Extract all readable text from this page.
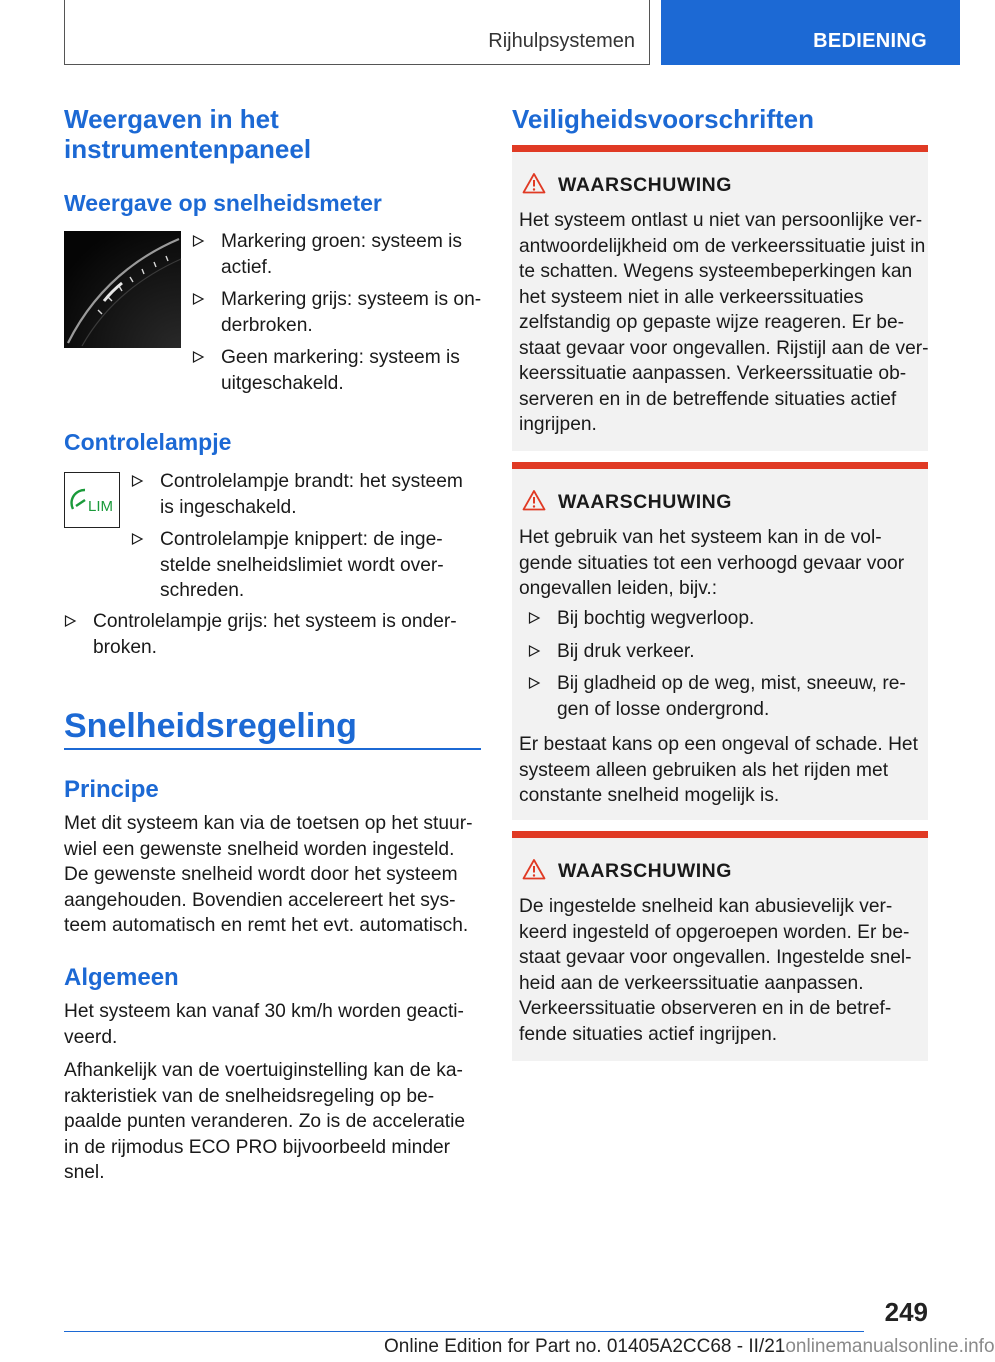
Rijhulpsystemen	BEDIENING
Weergaven in het instrumentenpaneel
Weergave op snelheidsmeter
Markering groen: systeem is actief.
Markering grijs: systeem is onderbroken.
Geen markering: systeem is uitgeschakeld.
Controlelampje
LIM
Controlelampje brandt: het systeem is ingeschakeld.
Controlelampje knippert: de ingestelde snelheidslimiet wordt overschreden.
Controlelampje grijs: het systeem is onderbroken.
Snelheidsregeling
Principe

Met dit systeem kan via de toetsen op het stuurwiel een gewenste snelheid worden ingesteld. De gewenste snelheid wordt door het systeem aangehouden. Bovendien accelereert het systeem automatisch en remt het evt. automatisch.

Algemeen

Het systeem kan vanaf 30 km/h worden geactiveerd.

Afhankelijk van de voertuiginstelling kan de karakteristiek van de snelheidsregeling op bepaalde punten veranderen. Zo is de acceleratie in de rijmodus ECO PRO bijvoorbeeld minder snel.

Veiligheidsvoorschriften
WAARSCHUWING

Het systeem ontlast u niet van persoonlijke verantwoordelijkheid om de verkeerssituatie juist in te schatten. Wegens systeembeperkingen kan het systeem niet in alle verkeerssituaties zelfstandig op gepaste wijze reageren. Er bestaat gevaar voor ongevallen. Rijstijl aan de verkeerssituatie aanpassen. Verkeerssituatie observeren en in de betreffende situaties actief ingrijpen.

WAARSCHUWING

Het gebruik van het systeem kan in de volgende situaties tot een verhoogd gevaar voor ongevallen leiden, bijv.:

Bij bochtig wegverloop.
Bij druk verkeer.
Bij gladheid op de weg, mist, sneeuw, regen of losse ondergrond.

Er bestaat kans op een ongeval of schade. Het systeem alleen gebruiken als het rijden met constante snelheid mogelijk is.

WAARSCHUWING

De ingestelde snelheid kan abusievelijk verkeerd ingesteld of opgeroepen worden. Er bestaat gevaar voor ongevallen. Ingestelde snelheid aan de verkeerssituatie aanpassen. Verkeerssituatie observeren en in de betreffende situaties actief ingrijpen.

249
Online Edition for Part no. 01405A2CC68 - II/21onlinemanualsonline.info
